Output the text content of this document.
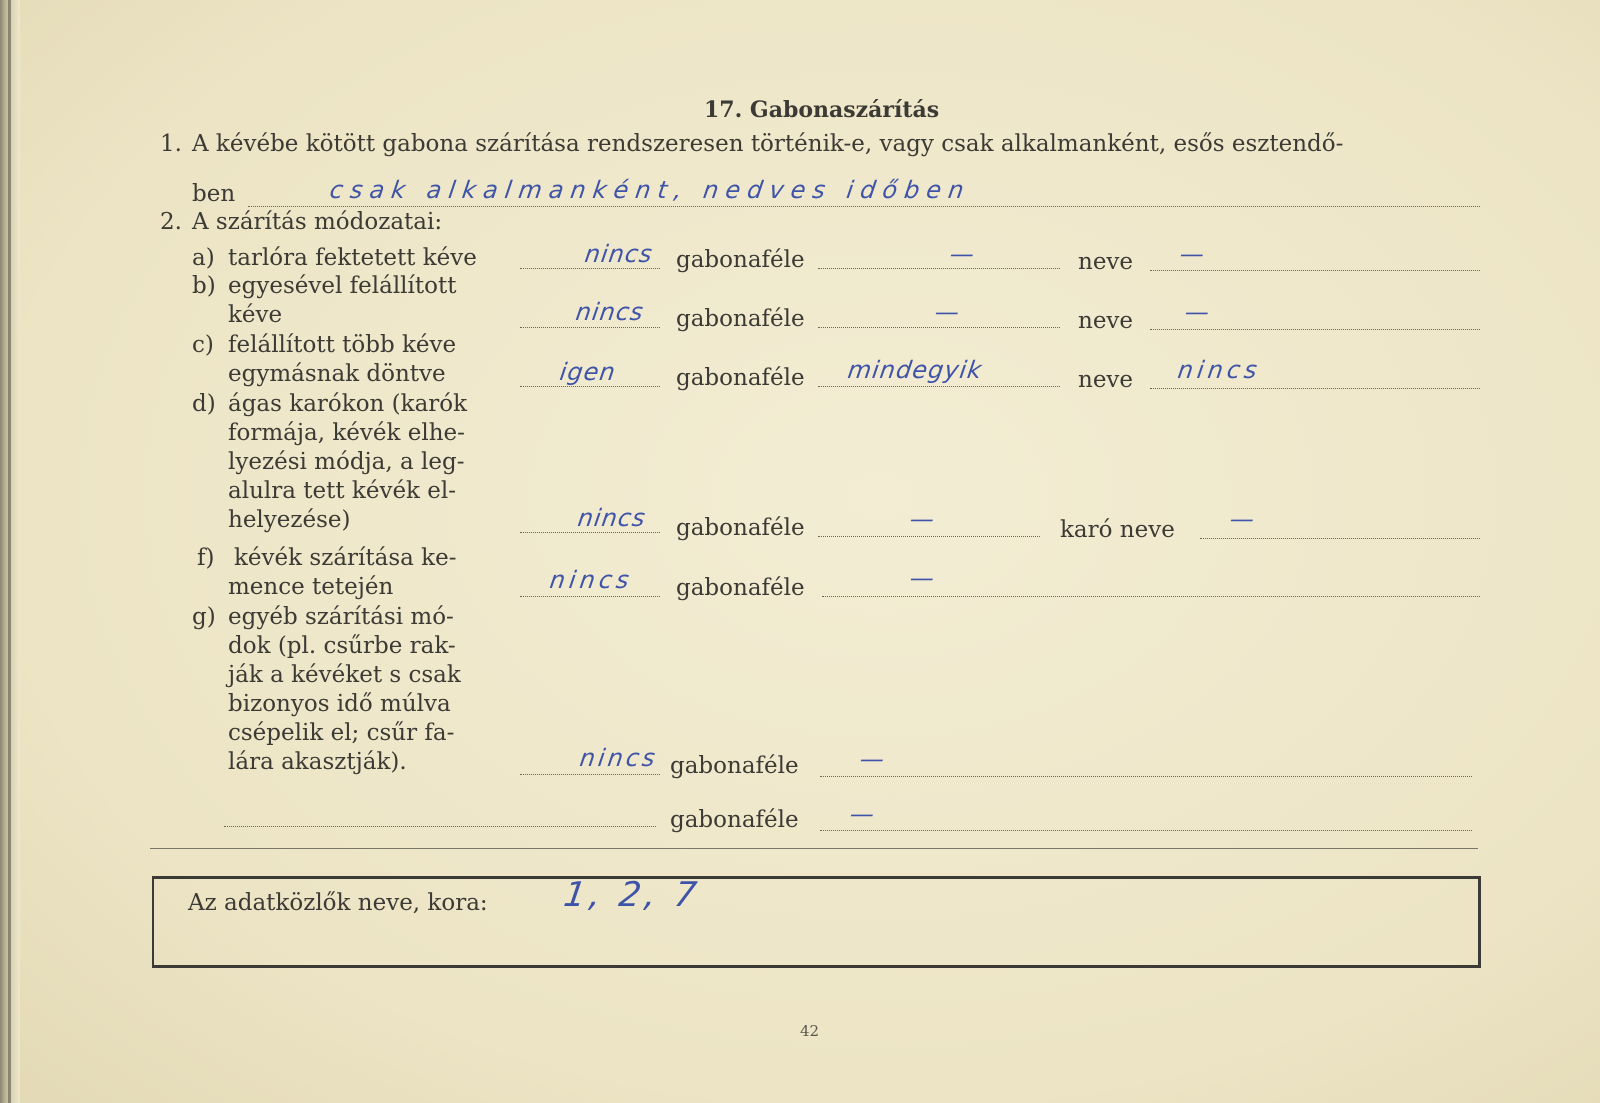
17. Gabonaszárítás
1. A kévébe kötött gabona szárítása rendszeresen történik-e, vagy csak alkalmanként, esős esztendő-
ben	csak alkalmanként, nedves időben
2. A szárítás módozatai:
a) tarlóra fektetett kéve	nincs gabonaféle	—	neve —
b) egyesével felállított
kéve	nincs gabonaféle	—	neve —
c) felállított több kéve
egymásnak döntve	igen	gabonaféle mindegyik	neve nincs
d) ágas karókon (karók
formája, kévék elhe-
lyezési módja, a leg-
alulra tett kévék el-
helyezése)	nincs gabonaféle	—	karó neve —
f) kévék szárítása ke-
mence tetején	nincs gabonaféle	—
g) egyéb szárítási mó-
dok (pl. csűrbe rak-
ják a kévéket s csak
bizonyos idő múlva
csépelik el; csűr fa-
lára akasztják).	nincs gabonaféle —
gabonaféle —
Az adatközlők neve, kora: 1, 2, 7
42
